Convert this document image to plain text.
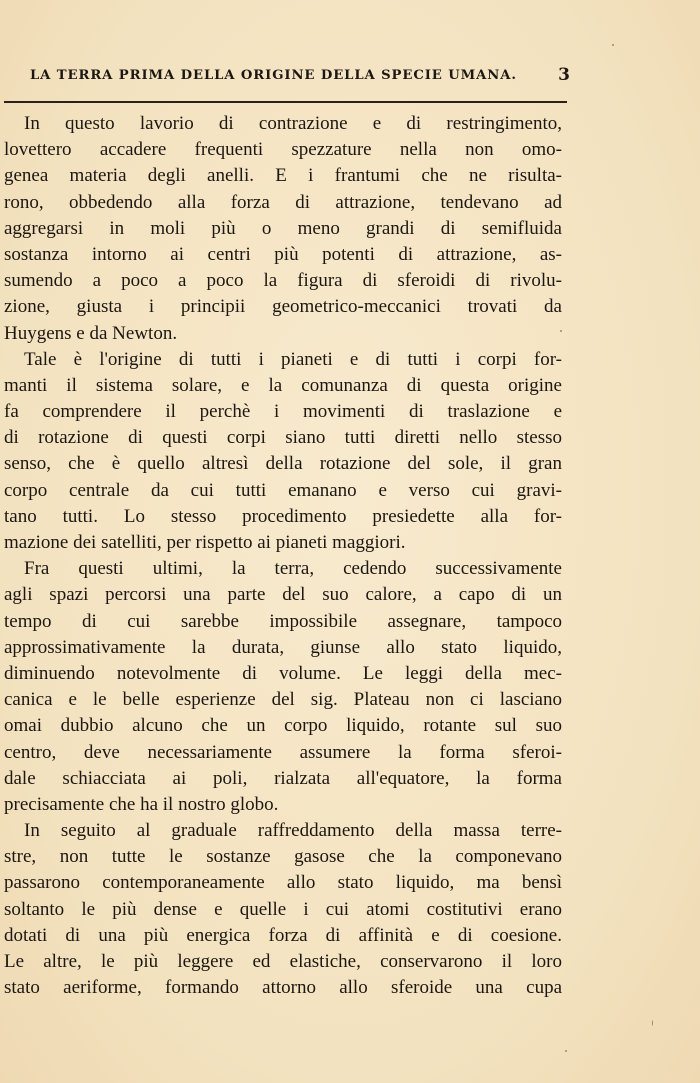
LA TERRA PRIMA DELLA ORIGINE DELLA SPECIE UMANA. 3
In questo lavorio di contrazione e di restringimento,
lovettero accadere frequenti spezzature nella non omo-
genea materia degli anelli. E i frantumi che ne risulta-
rono, obbedendo alla forza di attrazione, tendevano ad
aggregarsi in moli più o meno grandi di semifluida
sostanza intorno ai centri più potenti di attrazione, as-
sumendo a poco a poco la figura di sferoidi di rivolu-
zione, giusta i principii geometrico-meccanici trovati da
Huygens e da Newton.
Tale è l'origine di tutti i pianeti e di tutti i corpi for-
manti il sistema solare, e la comunanza di questa origine
fa comprendere il perchè i movimenti di traslazione e
di rotazione di questi corpi siano tutti diretti nello stesso
senso, che è quello altresì della rotazione del sole, il gran
corpo centrale da cui tutti emanano e verso cui gravi-
tano tutti. Lo stesso procedimento presiedette alla for-
mazione dei satelliti, per rispetto ai pianeti maggiori.
Fra questi ultimi, la terra, cedendo successivamente
agli spazi percorsi una parte del suo calore, a capo di un
tempo di cui sarebbe impossibile assegnare, tampoco
approssimativamente la durata, giunse allo stato liquido,
diminuendo notevolmente di volume. Le leggi della mec-
canica e le belle esperienze del sig. Plateau non ci lasciano
omai dubbio alcuno che un corpo liquido, rotante sul suo
centro, deve necessariamente assumere la forma sferoi-
dale schiacciata ai poli, rialzata all'equatore, la forma
precisamente che ha il nostro globo.
In seguito al graduale raffreddamento della massa terre-
stre, non tutte le sostanze gasose che la componevano
passarono contemporaneamente allo stato liquido, ma bensì
soltanto le più dense e quelle i cui atomi costitutivi erano
dotati di una più energica forza di affinità e di coesione.
Le altre, le più leggere ed elastiche, conservarono il loro
stato aeriforme, formando attorno allo sferoide una cupa
